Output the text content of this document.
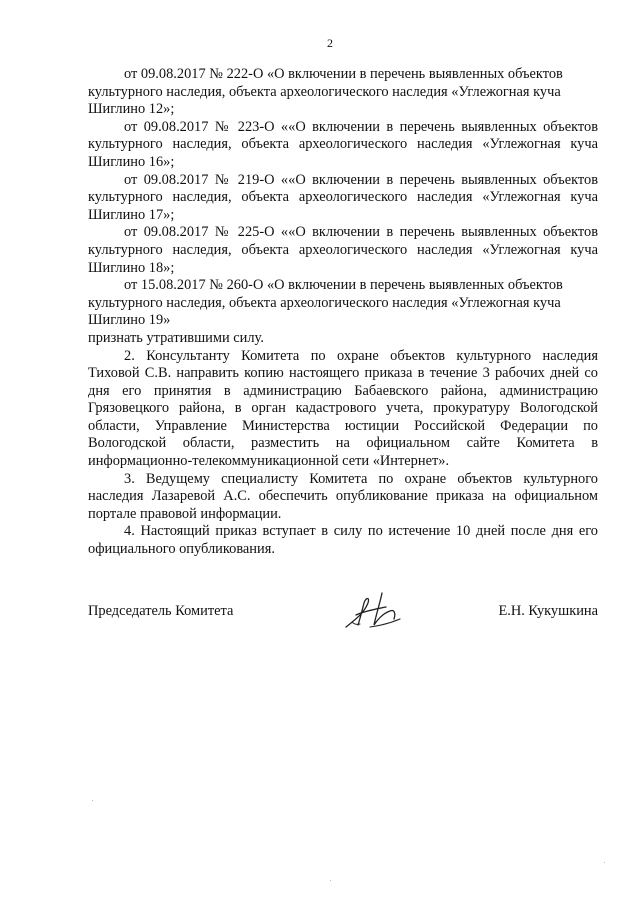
2

от 09.08.2017 № 222-О «О включении в перечень выявленных объектов культурного наследия, объекта археологического наследия «Углежогная куча Шиглино 12»;

от 09.08.2017 № 223-О ««О включении в перечень выявленных объектов культурного наследия, объекта археологического наследия «Углежогная куча Шиглино 16»;

от 09.08.2017 № 219-О ««О включении в перечень выявленных объектов культурного наследия, объекта археологического наследия «Углежогная куча Шиглино 17»;

от 09.08.2017 № 225-О ««О включении в перечень выявленных объектов культурного наследия, объекта археологического наследия «Углежогная куча Шиглино 18»;

от 15.08.2017 № 260-О «О включении в перечень выявленных объектов культурного наследия, объекта археологического наследия «Углежогная куча Шиглино 19»

признать утратившими силу.

2. Консультанту Комитета по охране объектов культурного наследия Тиховой С.В. направить копию настоящего приказа в течение 3 рабочих дней со дня его принятия в администрацию Бабаевского района, администрацию Грязовецкого района, в орган кадастрового учета, прокуратуру Вологодской области, Управление Министерства юстиции Российской Федерации по Вологодской области, разместить на официальном сайте Комитета в информационно-телекоммуникационной сети «Интернет».

3. Ведущему специалисту Комитета по охране объектов культурного наследия Лазаревой А.С. обеспечить опубликование приказа на официальном портале правовой информации.

4. Настоящий приказ вступает в силу по истечение 10 дней после дня его официального опубликования.

Председатель Комитета	Е.Н. Кукушкина
